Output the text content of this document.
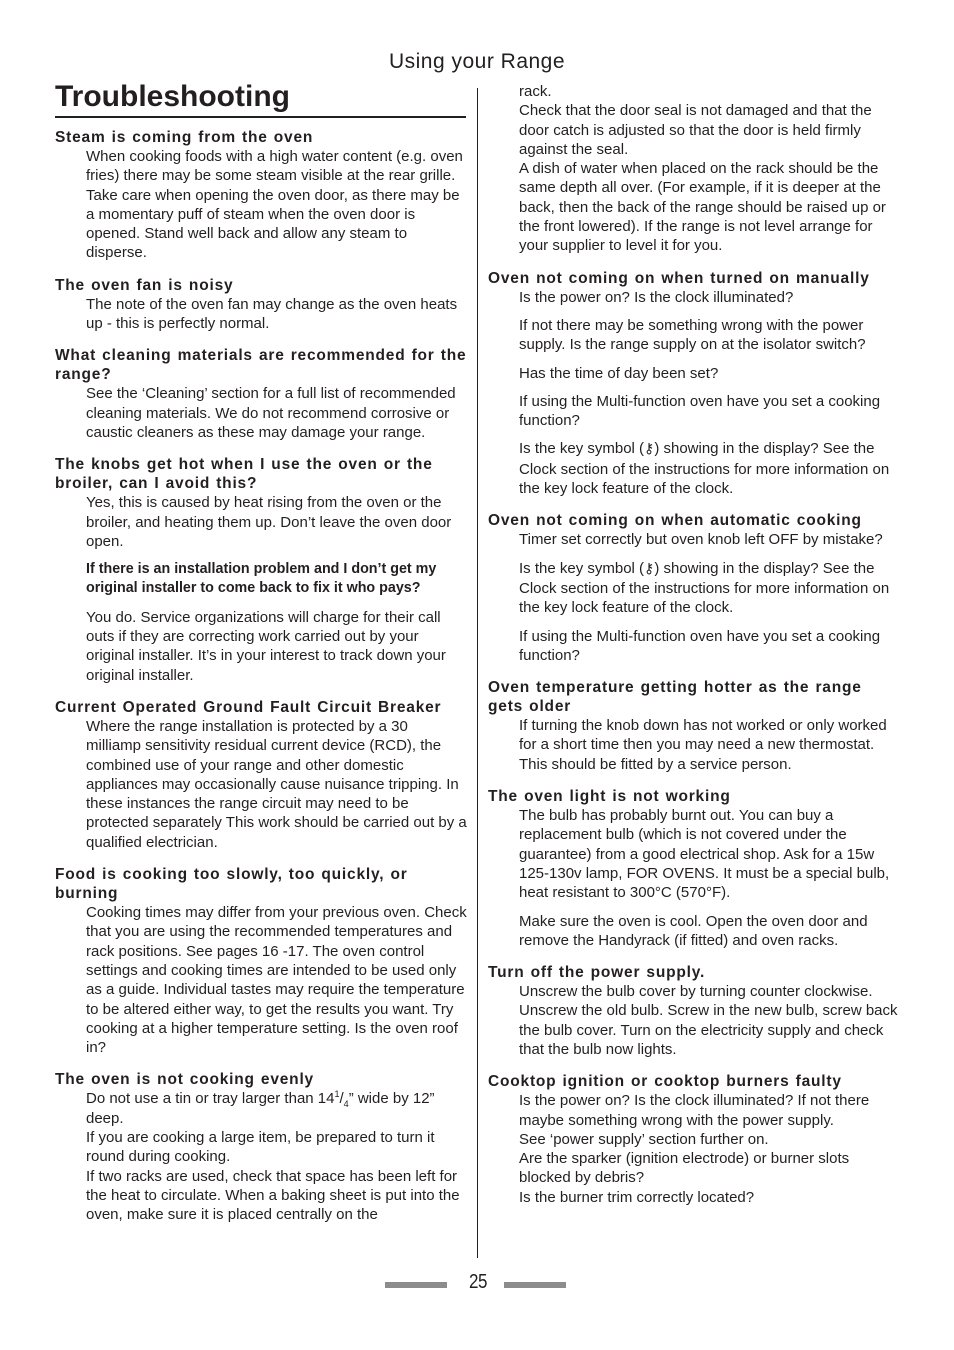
Using your Range
Troubleshooting
Steam is coming from the oven

When cooking foods with a high water content (e.g. oven fries) there may be some steam visible at the rear grille. Take care when opening the oven door, as there may be a momentary puff of steam when the oven door is opened. Stand well back and allow any steam to disperse.

The oven fan is noisy

The note of the oven fan may change as the oven heats up - this is perfectly normal.

What cleaning materials are recommended for the range?

See the ‘Cleaning’ section for a full list of recommended cleaning materials. We do not recommend corrosive or caustic cleaners as these may damage your range.

The knobs get hot when I use the oven or the broiler, can I avoid this?

Yes, this is caused by heat rising from the oven or the broiler, and heating them up. Don’t leave the oven door open.

If there is an installation problem and I don’t get my original installer to come back to fix it who pays?

You do. Service organizations will charge for their call outs if they are correcting work carried out by your original installer. It’s in your interest to track down your original installer.

Current Operated Ground Fault Circuit Breaker

Where the range installation is protected by a 30 milliamp sensitivity residual current device (RCD), the combined use of your range and other domestic appliances may occasionally cause nuisance tripping. In these instances the range circuit may need to be protected separately This work should be carried out by a qualified electrician.

Food is cooking too slowly, too quickly, or burning

Cooking times may differ from your previous oven. Check that you are using the recommended temperatures and rack positions. See pages 16 -17. The oven control settings and cooking times are intended to be used only as a guide. Individual tastes may require the temperature to be altered either way, to get the results you want. Try cooking at a higher temperature setting. Is the oven roof in?

The oven is not cooking evenly

Do not use a tin or tray larger than $14^1/_4$” wide by 12” deep.

If you are cooking a large item, be prepared to turn it round during cooking.

If two racks are used, check that space has been left for the heat to circulate. When a baking sheet is put into the oven, make sure it is placed centrally on the

rack.

Check that the door seal is not damaged and that the door catch is adjusted so that the door is held firmly against the seal.

A dish of water when placed on the rack should be the same depth all over. (For example, if it is deeper at the back, then the back of the range should be raised up or the front lowered). If the range is not level arrange for your supplier to level it for you.

Oven not coming on when turned on manually

Is the power on? Is the clock illuminated?

If not there may be something wrong with the power supply. Is the range supply on at the isolator switch?

Has the time of day been set?

If using the Multi-function oven have you set a cooking function?

Is the key symbol (⚷) showing in the display? See the Clock section of the instructions for more information on the key lock feature of the clock.

Oven not coming on when automatic cooking

Timer set correctly but oven knob left OFF by mistake?

Is the key symbol (⚷) showing in the display? See the Clock section of the instructions for more information on the key lock feature of the clock.

If using the Multi-function oven have you set a cooking function?

Oven temperature getting hotter as the range gets older

If turning the knob down has not worked or only worked for a short time then you may need a new thermostat. This should be fitted by a service person.

The oven light is not working

The bulb has probably burnt out. You can buy a replacement bulb (which is not covered under the guarantee) from a good electrical shop. Ask for a 15w 125-130v lamp, FOR OVENS. It must be a special bulb, heat resistant to 300°C (570°F).

Make sure the oven is cool. Open the oven door and remove the Handyrack (if fitted) and oven racks.

Turn off the power supply.

Unscrew the bulb cover by turning counter clockwise. Unscrew the old bulb. Screw in the new bulb, screw back the bulb cover. Turn on the electricity supply and check that the bulb now lights.

Cooktop ignition or cooktop burners faulty

Is the power on? Is the clock illuminated? If not there maybe something wrong with the power supply.

See ‘power supply’ section further on.

Are the sparker (ignition electrode) or burner slots blocked by debris?

Is the burner trim correctly located?

25
